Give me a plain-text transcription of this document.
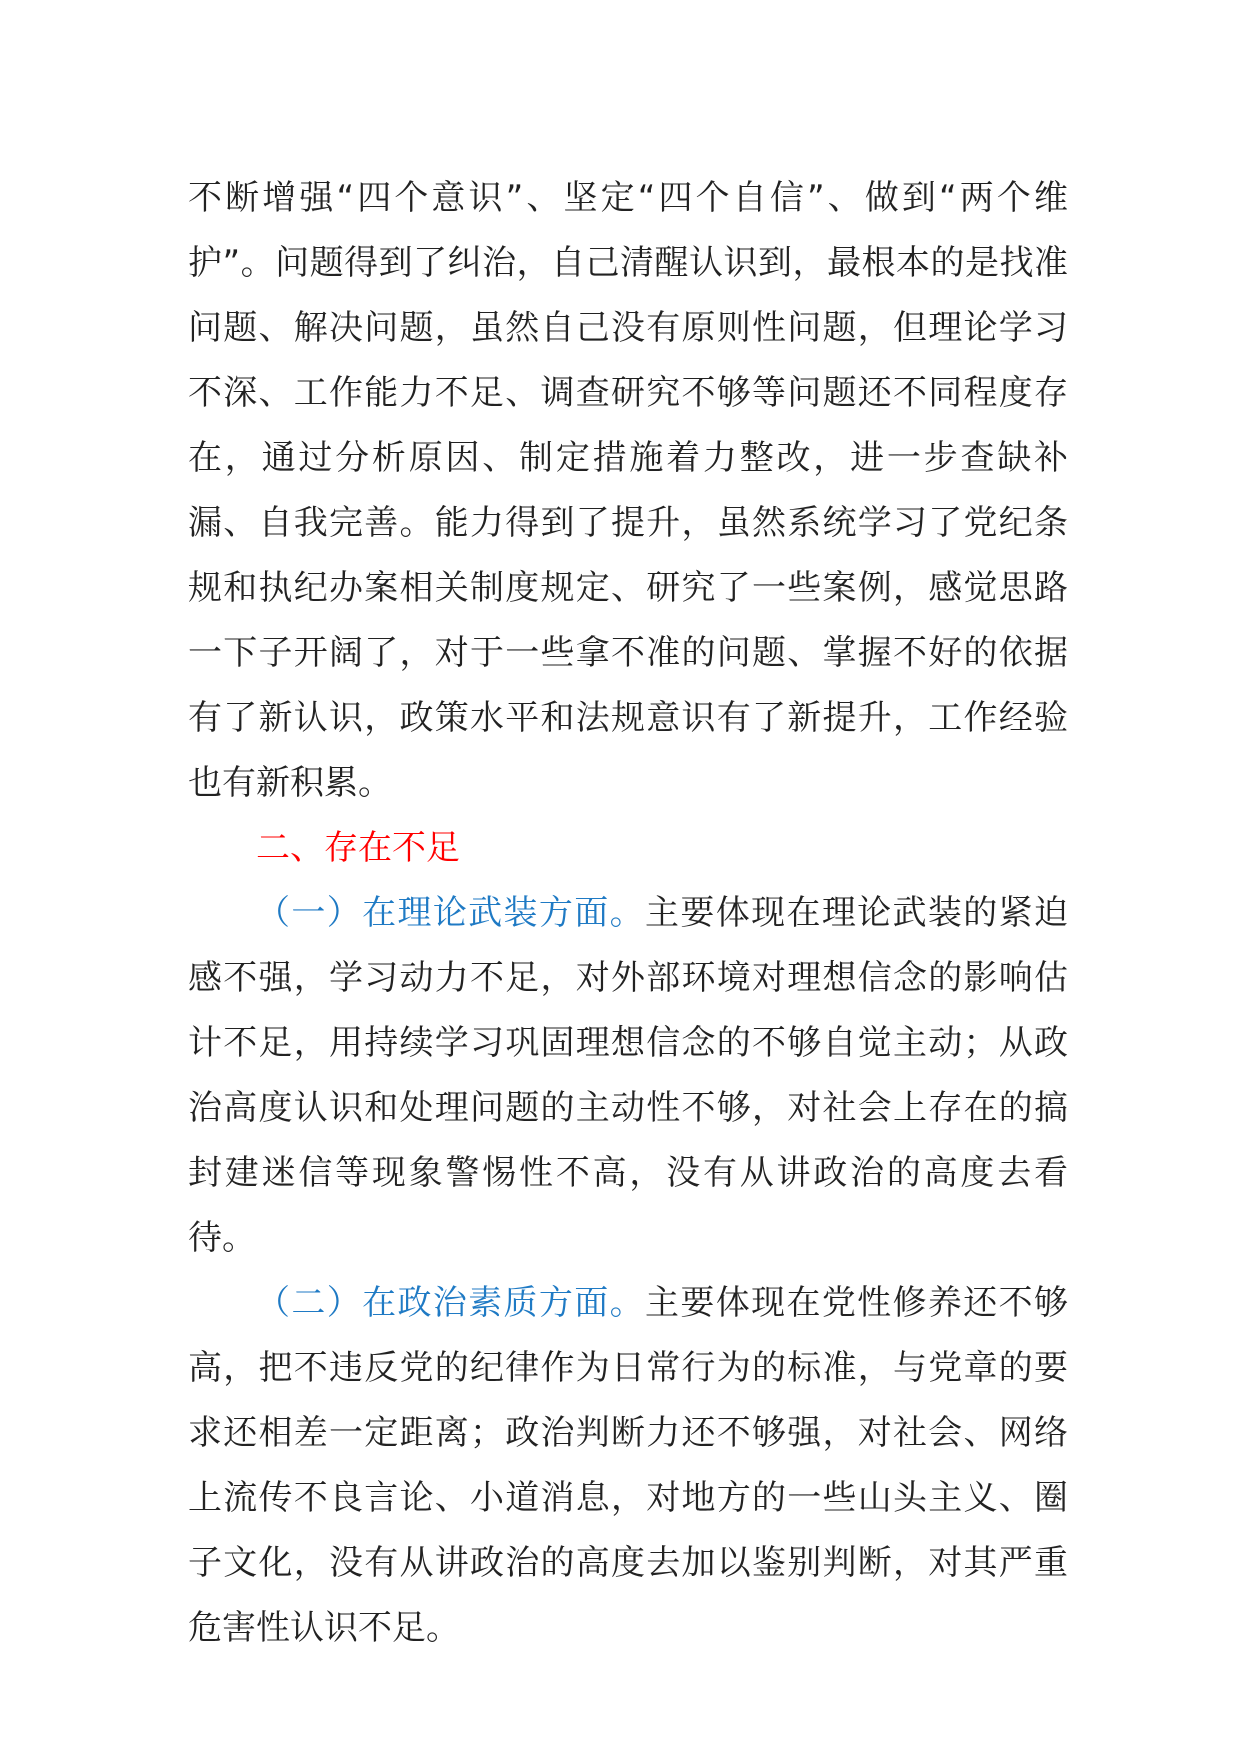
不断增强“四个意识”、坚定“四个自信”、做到“两个维护”。问题得到了纠治，自己清醒认识到，最根本的是找准问题、解决问题，虽然自己没有原则性问题，但理论学习不深、工作能力不足、调查研究不够等问题还不同程度存在，通过分析原因、制定措施着力整改，进一步查缺补漏、自我完善。能力得到了提升，虽然系统学习了党纪条规和执纪办案相关制度规定、研究了一些案例，感觉思路一下子开阔了，对于一些拿不准的问题、掌握不好的依据有了新认识，政策水平和法规意识有了新提升，工作经验也有新积累。

二、存在不足

（一）在理论武装方面。主要体现在理论武装的紧迫感不强，学习动力不足，对外部环境对理想信念的影响估计不足，用持续学习巩固理想信念的不够自觉主动；从政治高度认识和处理问题的主动性不够，对社会上存在的搞封建迷信等现象警惕性不高，没有从讲政治的高度去看待。

（二）在政治素质方面。主要体现在党性修养还不够高，把不违反党的纪律作为日常行为的标准，与党章的要求还相差一定距离；政治判断力还不够强，对社会、网络上流传不良言论、小道消息，对地方的一些山头主义、圈子文化，没有从讲政治的高度去加以鉴别判断，对其严重危害性认识不足。
